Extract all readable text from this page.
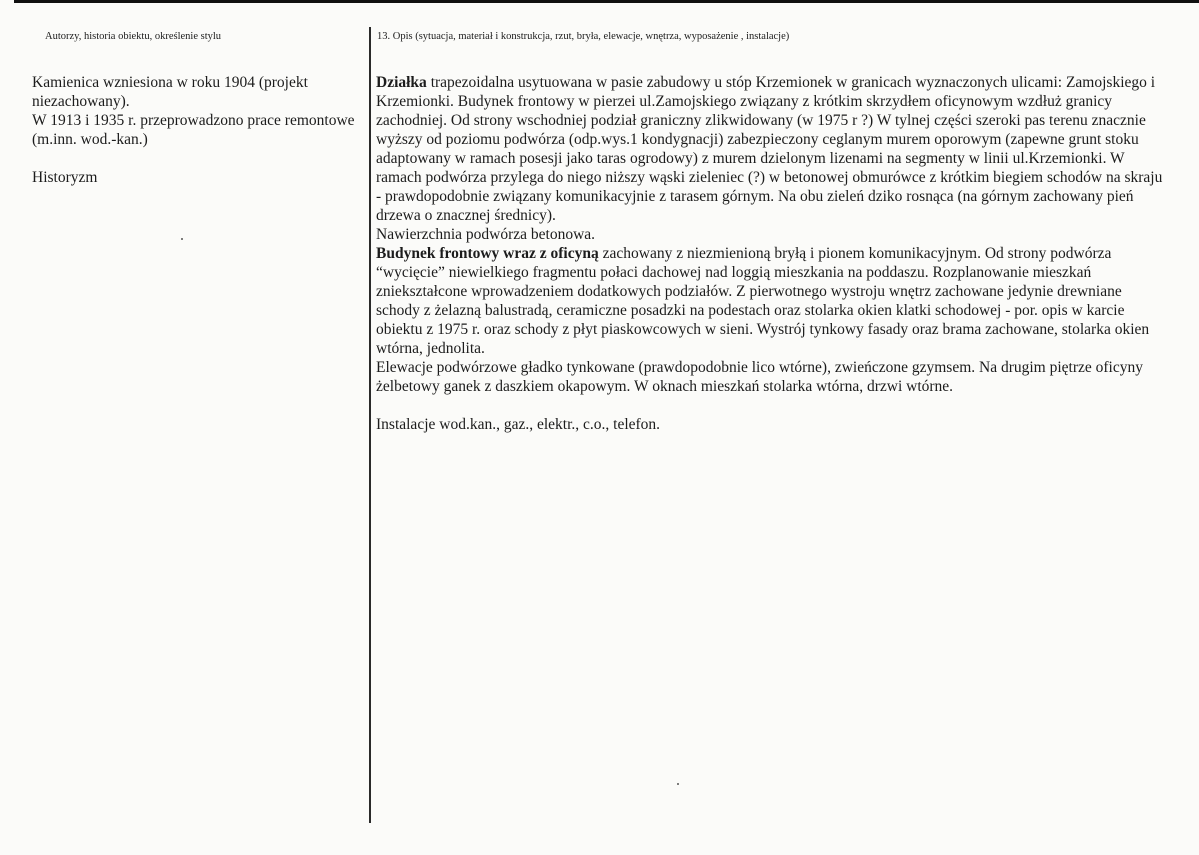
Autorzy, historia obiektu, określenie stylu	13. Opis (sytuacja, materiał i konstrukcja, rzut, bryła, elewacje, wnętrza, wyposażenie , instalacje)

Kamienica wzniesiona w roku 1904 (projekt niezachowany).

W 1913 i 1935 r. przeprowadzono prace remontowe (m.inn. wod.-kan.)

Historyzm

Działka trapezoidalna usytuowana w pasie zabudowy u stóp Krzemionek w granicach wyznaczonych ulicami: Zamojskiego i Krzemionki. Budynek frontowy w pierzei ul.Zamojskiego związany z krótkim skrzydłem oficynowym wzdłuż granicy zachodniej. Od strony wschodniej podział graniczny zlikwidowany (w 1975 r ?) W tylnej części szeroki pas terenu znacznie wyższy od poziomu podwórza (odp.wys.1 kondygnacji) zabezpieczony ceglanym murem oporowym (zapewne grunt stoku adaptowany w ramach posesji jako taras ogrodowy) z murem dzielonym lizenami na segmenty w linii ul.Krzemionki. W ramach podwórza przylega do niego niższy wąski zieleniec (?) w betonowej obmurówce z krótkim biegiem schodów na skraju - prawdopodobnie związany komunikacyjnie z tarasem górnym. Na obu zieleń dziko rosnąca (na górnym zachowany pień drzewa o znacznej średnicy).

Nawierzchnia podwórza betonowa.

Budynek frontowy wraz z oficyną zachowany z niezmienioną bryłą i pionem komunikacyjnym. Od strony podwórza “wycięcie” niewielkiego fragmentu połaci dachowej nad loggią mieszkania na poddaszu. Rozplanowanie mieszkań zniekształcone wprowadzeniem dodatkowych podziałów. Z pierwotnego wystroju wnętrz zachowane jedynie drewniane schody z żelazną balustradą, ceramiczne posadzki na podestach oraz stolarka okien klatki schodowej - por. opis w karcie obiektu z 1975 r. oraz schody z płyt piaskowcowych w sieni. Wystrój tynkowy fasady oraz brama zachowane, stolarka okien wtórna, jednolita.

Elewacje podwórzowe gładko tynkowane (prawdopodobnie lico wtórne), zwieńczone gzymsem. Na drugim piętrze oficyny żelbetowy ganek z daszkiem okapowym. W oknach mieszkań stolarka wtórna, drzwi wtórne.

Instalacje wod.kan., gaz., elektr., c.o., telefon.
